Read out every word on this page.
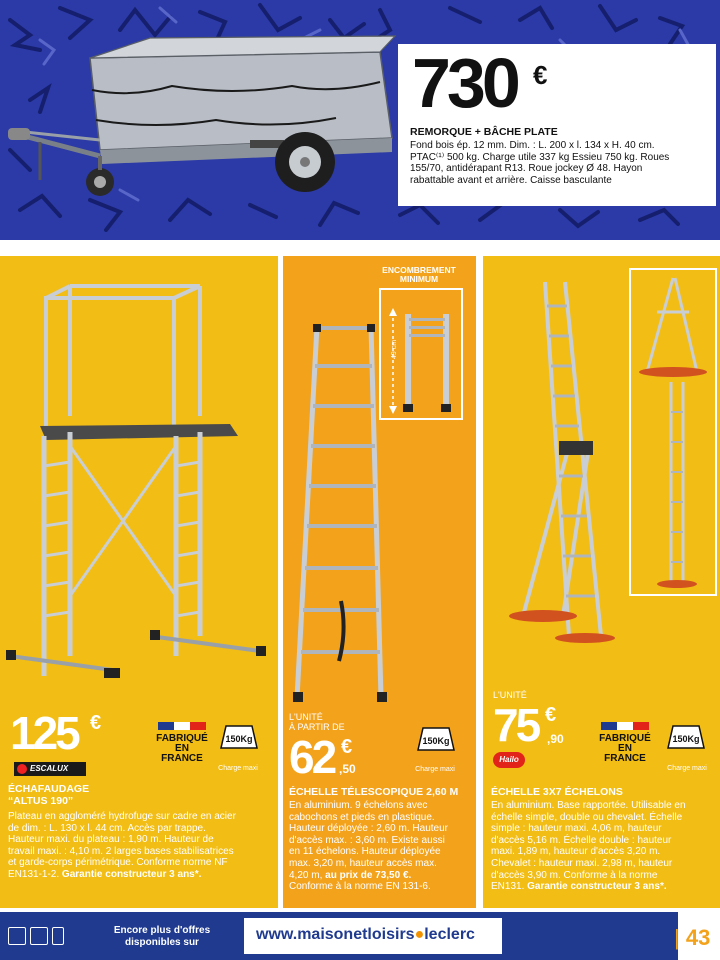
730 €
REMORQUE + BÂCHE PLATE
Fond bois ép. 12 mm. Dim. : L. 200 x l. 134 x H. 40 cm.
PTAC⁽¹⁾ 500 kg. Charge utile 337 kg Essieu 750 kg. Roues
155/70, antidérapant R13. Roue jockey Ø 48. Hayon
rabattable avant et arrière. Caisse basculante
125 €
ESCALUX
FABRIQUÉ
EN FRANCE
150Kg
Charge maxi
ÉCHAFAUDAGE
“ALTUS 190”
Plateau en aggloméré hydrofuge sur cadre en acier
de dim. : L. 130 x l. 44 cm. Accès par trappe.
Hauteur maxi. du plateau : 1,90 m. Hauteur de
travail maxi. : 4,10 m. 2 larges bases stabilisatrices
et garde-corps périmétrique. Conforme norme NF
EN131-1-2. Garantie constructeur 3 ans*.
ENCOMBREMENT
MINIMUM
49 cm
L'UNITÉ
À PARTIR DE
62 €
,50
150Kg
Charge maxi
ÉCHELLE TÉLESCOPIQUE 2,60 M
En aluminium. 9 échelons avec
cabochons et pieds en plastique.
Hauteur déployée : 2,60 m. Hauteur
d'accès max. : 3,60 m. Existe aussi
en 11 échelons. Hauteur déployée
max. 3,20 m, hauteur accès max.
4,20 m, au prix de 73,50 €.
Conforme à la norme EN 131-6.
L'UNITÉ
75 €
,90
Hailo
FABRIQUÉ
EN FRANCE
150Kg
Charge maxi
ÉCHELLE 3X7 ÉCHELONS
En aluminium. Base rapportée. Utilisable en
échelle simple, double ou chevalet. Échelle
simple : hauteur maxi. 4,06 m, hauteur
d'accès 5,16 m. Échelle double : hauteur
maxi. 1,89 m, hauteur d'accès 3,20 m.
Chevalet : hauteur maxi. 2,98 m, hauteur
d'accès 3,90 m. Conforme à la norme
EN131. Garantie constructeur 3 ans*.
Encore plus d'offres
disponibles sur	www.maisonetloisirs●leclerc	| 43
